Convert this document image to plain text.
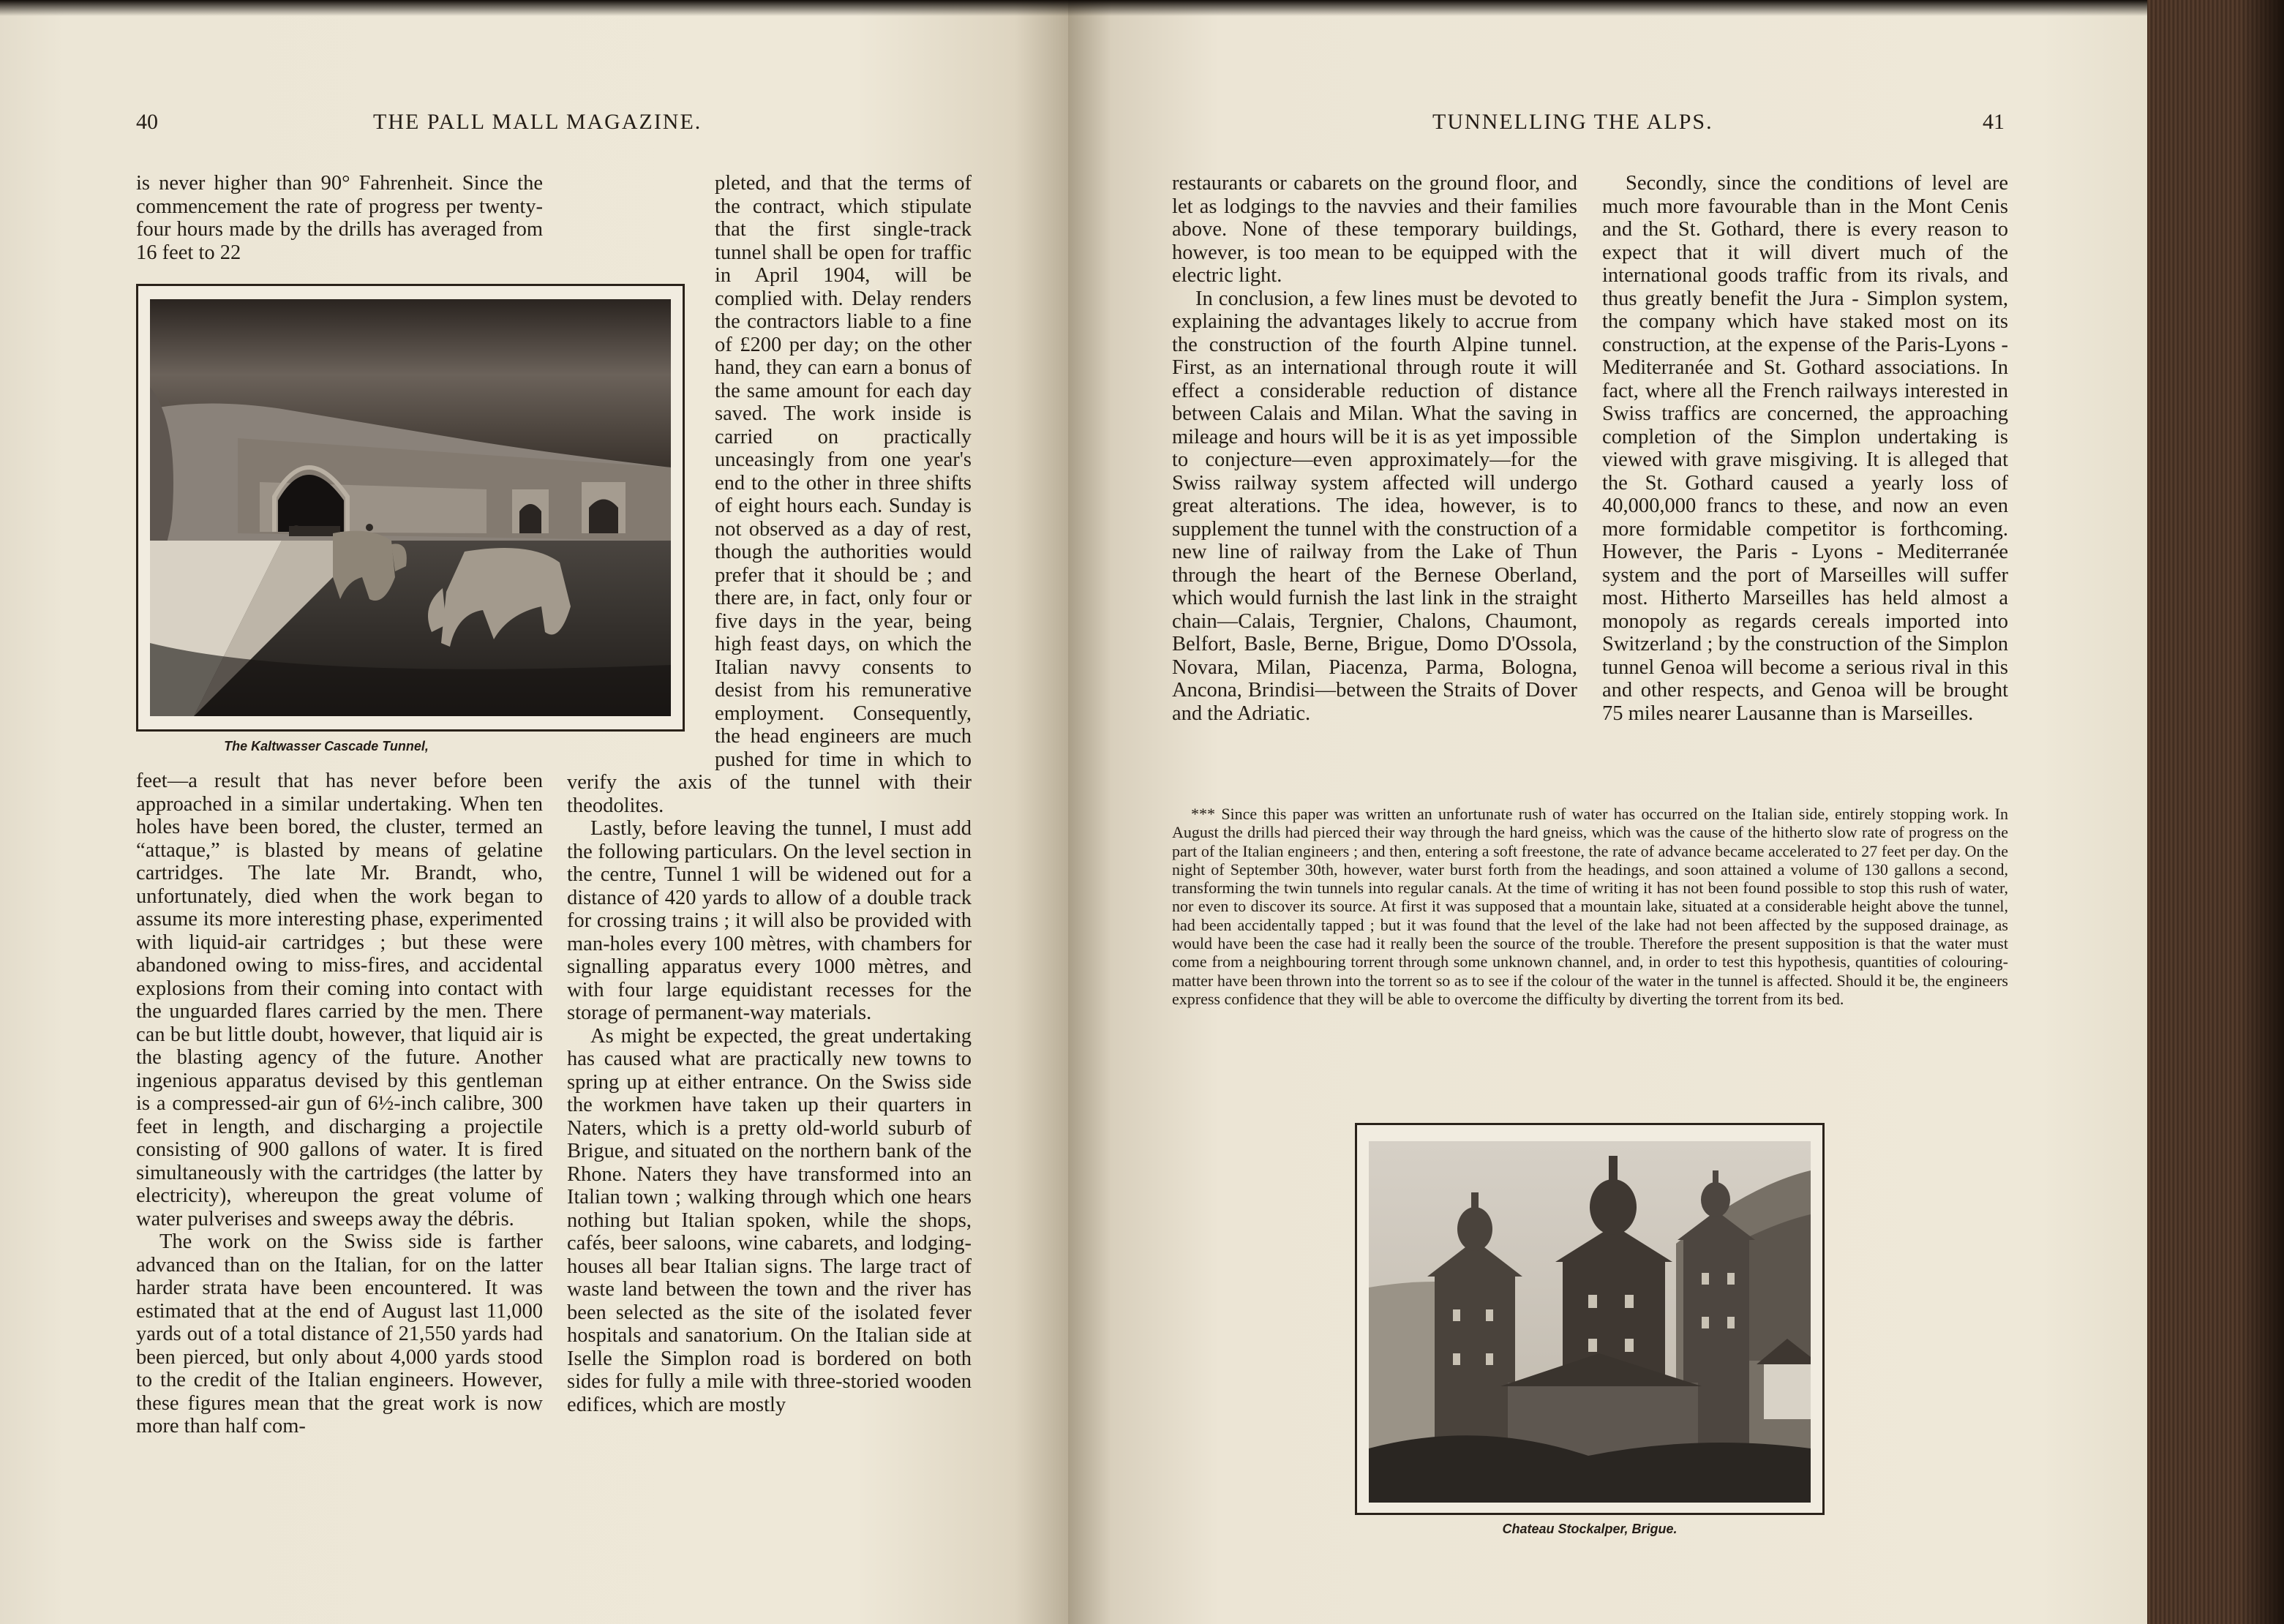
40	THE PALL MALL MAGAZINE.

is never higher than 90° Fahrenheit. Since the commencement the rate of progress per twenty-four hours made by the drills has averaged from 16 feet to 22

The Kaltwasser Cascade Tunnel,

feet—a result that has never before been approached in a similar undertaking. When ten holes have been bored, the cluster, termed an “attaque,” is blasted by means of gelatine cartridges. The late Mr. Brandt, who, unfortunately, died when the work began to assume its more interesting phase, experimented with liquid-air cartridges ; but these were abandoned owing to miss-fires, and accidental explosions from their coming into contact with the unguarded flares carried by the men. There can be but little doubt, however, that liquid air is the blasting agency of the future. Another ingenious apparatus devised by this gentleman is a compressed-air gun of 6½-inch calibre, 300 feet in length, and discharging a projectile consisting of 900 gallons of water. It is fired simultaneously with the cartridges (the latter by electricity), whereupon the great volume of water pulverises and sweeps away the débris.

The work on the Swiss side is farther advanced than on the Italian, for on the latter harder strata have been encountered. It was estimated that at the end of August last 11,000 yards out of a total distance of 21,550 yards had been pierced, but only about 4,000 yards stood to the credit of the Italian engineers. However, these figures mean that the great work is now more than half com-

pleted, and that the terms of the contract, which stipulate that the first single-track tunnel shall be open for traffic in April 1904, will be complied with. Delay renders the contractors liable to a fine of £200 per day; on the other hand, they can earn a bonus of the same amount for each day saved. The work inside is carried on practically unceasingly from one year's end to the other in three shifts of eight hours each. Sunday is not observed as a day of rest, though the authorities would prefer that it should be ; and there are, in fact, only four or five days in the year, being high feast days, on which the Italian navvy consents to desist from his remunerative employment. Consequently, the head engineers are much pushed for time in which to verify the axis of the tunnel with their theodolites.

Lastly, before leaving the tunnel, I must add the following particulars. On the level section in the centre, Tunnel 1 will be widened out for a distance of 420 yards to allow of a double track for crossing trains ; it will also be provided with man-holes every 100 mètres, with chambers for signalling apparatus every 1000 mètres, and with four large equidistant recesses for the storage of permanent-way materials.

As might be expected, the great undertaking has caused what are practically new towns to spring up at either entrance. On the Swiss side the workmen have taken up their quarters in Naters, which is a pretty old-world suburb of Brigue, and situated on the northern bank of the Rhone. Naters they have transformed into an Italian town ; walking through which one hears nothing but Italian spoken, while the shops, cafés, beer saloons, wine cabarets, and lodging-houses all bear Italian signs. The large tract of waste land between the town and the river has been selected as the site of the isolated fever hospitals and sanatorium. On the Italian side at Iselle the Simplon road is bordered on both sides for fully a mile with three-storied wooden edifices, which are mostly

TUNNELLING THE ALPS.	41

restaurants or cabarets on the ground floor, and let as lodgings to the navvies and their families above. None of these temporary buildings, however, is too mean to be equipped with the electric light.

In conclusion, a few lines must be devoted to explaining the advantages likely to accrue from the construction of the fourth Alpine tunnel. First, as an international through route it will effect a considerable reduction of distance between Calais and Milan. What the saving in mileage and hours will be it is as yet impossible to conjecture—even approximately—for the Swiss railway system affected will undergo great alterations. The idea, however, is to supplement the tunnel with the construction of a new line of railway from the Lake of Thun through the heart of the Bernese Oberland, which would furnish the last link in the straight chain—Calais, Tergnier, Chalons, Chaumont, Belfort, Basle, Berne, Brigue, Domo D'Ossola, Novara, Milan, Piacenza, Parma, Bologna, Ancona, Brindisi—between the Straits of Dover and the Adriatic.

Secondly, since the conditions of level are much more favourable than in the Mont Cenis and the St. Gothard, there is every reason to expect that it will divert much of the international goods traffic from its rivals, and thus greatly benefit the Jura - Simplon system, the company which have staked most on its construction, at the expense of the Paris-Lyons - Mediterranée and St. Gothard associations. In fact, where all the French railways interested in Swiss traffics are concerned, the approaching completion of the Simplon undertaking is viewed with grave misgiving. It is alleged that the St. Gothard caused a yearly loss of 40,000,000 francs to these, and now an even more formidable competitor is forthcoming. However, the Paris - Lyons - Mediterranée system and the port of Marseilles will suffer most. Hitherto Marseilles has held almost a monopoly as regards cereals imported into Switzerland ; by the construction of the Simplon tunnel Genoa will become a serious rival in this and other respects, and Genoa will be brought 75 miles nearer Lausanne than is Marseilles.

*** Since this paper was written an unfortunate rush of water has occurred on the Italian side, entirely stopping work. In August the drills had pierced their way through the hard gneiss, which was the cause of the hitherto slow rate of progress on the part of the Italian engineers ; and then, entering a soft freestone, the rate of advance became accelerated to 27 feet per day. On the night of September 30th, however, water burst forth from the headings, and soon attained a volume of 130 gallons a second, transforming the twin tunnels into regular canals. At the time of writing it has not been found possible to stop this rush of water, nor even to discover its source. At first it was supposed that a mountain lake, situated at a considerable height above the tunnel, had been accidentally tapped ; but it was found that the level of the lake had not been affected by the supposed drainage, as would have been the case had it really been the source of the trouble. Therefore the present supposition is that the water must come from a neighbouring torrent through some unknown channel, and, in order to test this hypothesis, quantities of colouring-matter have been thrown into the torrent so as to see if the colour of the water in the tunnel is affected. Should it be, the engineers express confidence that they will be able to overcome the difficulty by diverting the torrent from its bed.

Chateau Stockalper, Brigue.
